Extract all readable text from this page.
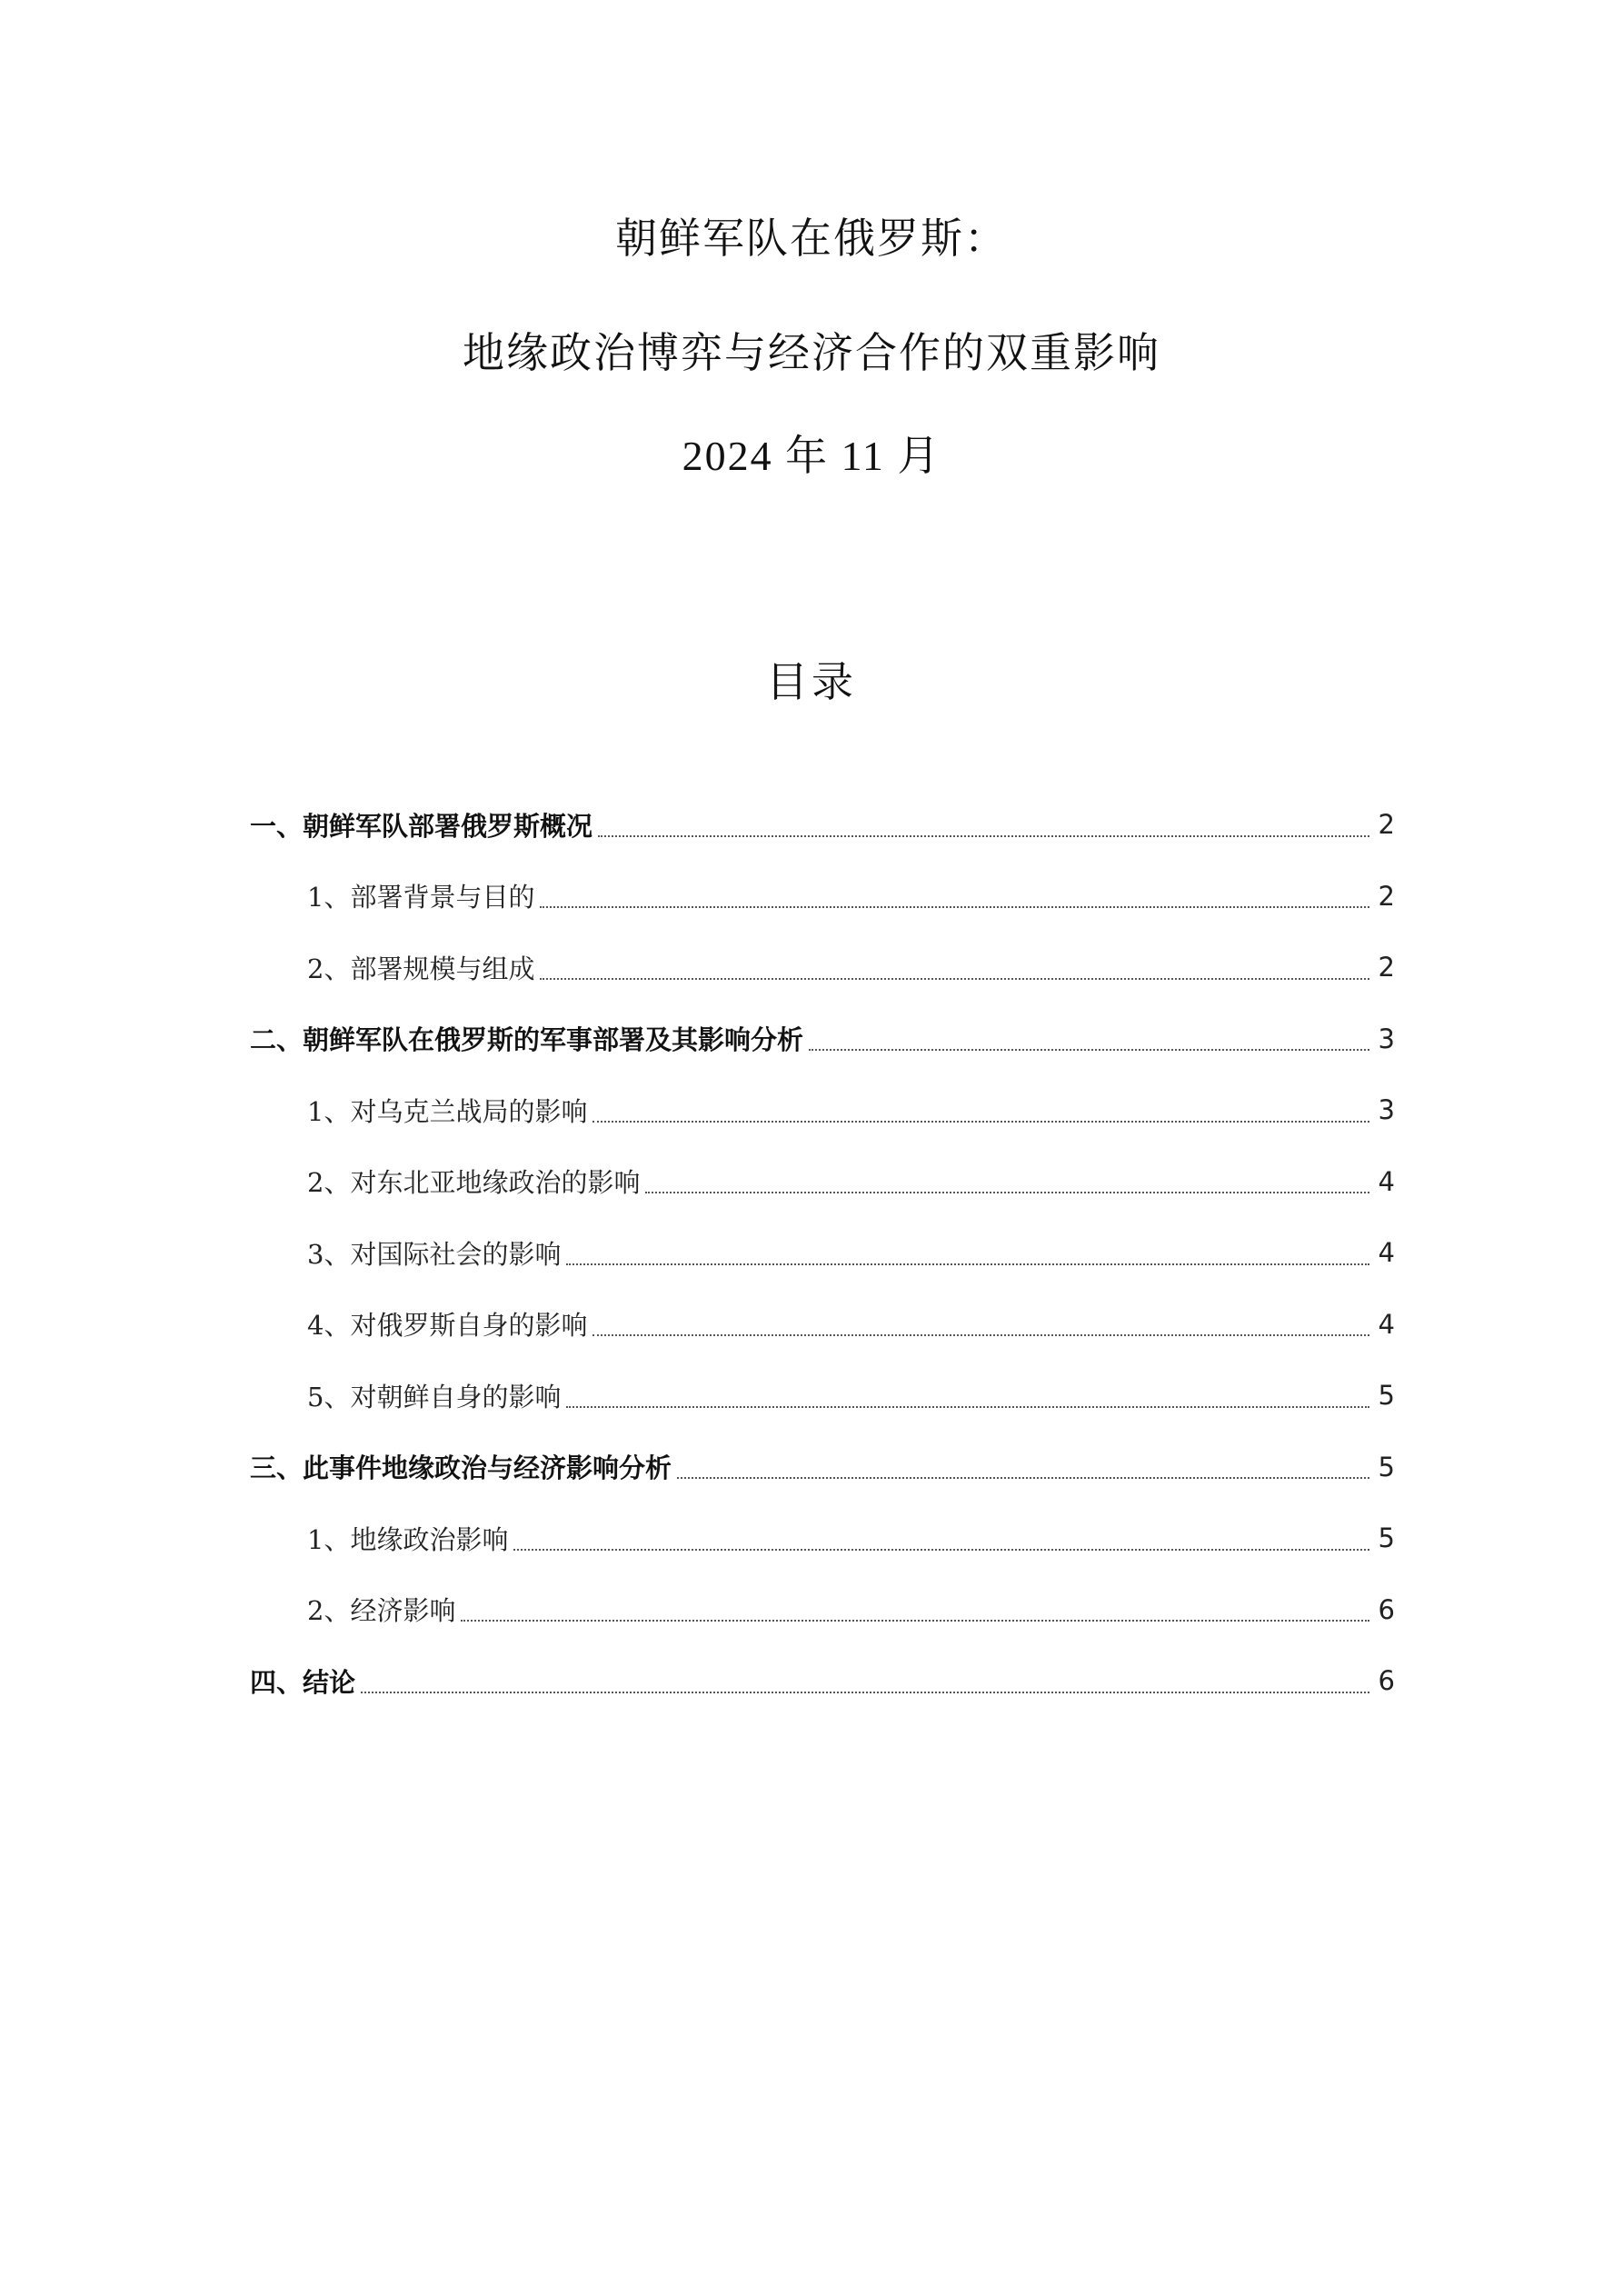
朝鲜军队在俄罗斯：
地缘政治博弈与经济合作的双重影响
2024 年 11 月
目录
一、朝鲜军队部署俄罗斯概况	2
1、部署背景与目的	2
2、部署规模与组成	2
二、朝鲜军队在俄罗斯的军事部署及其影响分析	3
1、对乌克兰战局的影响	3
2、对东北亚地缘政治的影响	4
3、对国际社会的影响	4
4、对俄罗斯自身的影响	4
5、对朝鲜自身的影响	5
三、此事件地缘政治与经济影响分析	5
1、地缘政治影响	5
2、经济影响	6
四、结论	6
